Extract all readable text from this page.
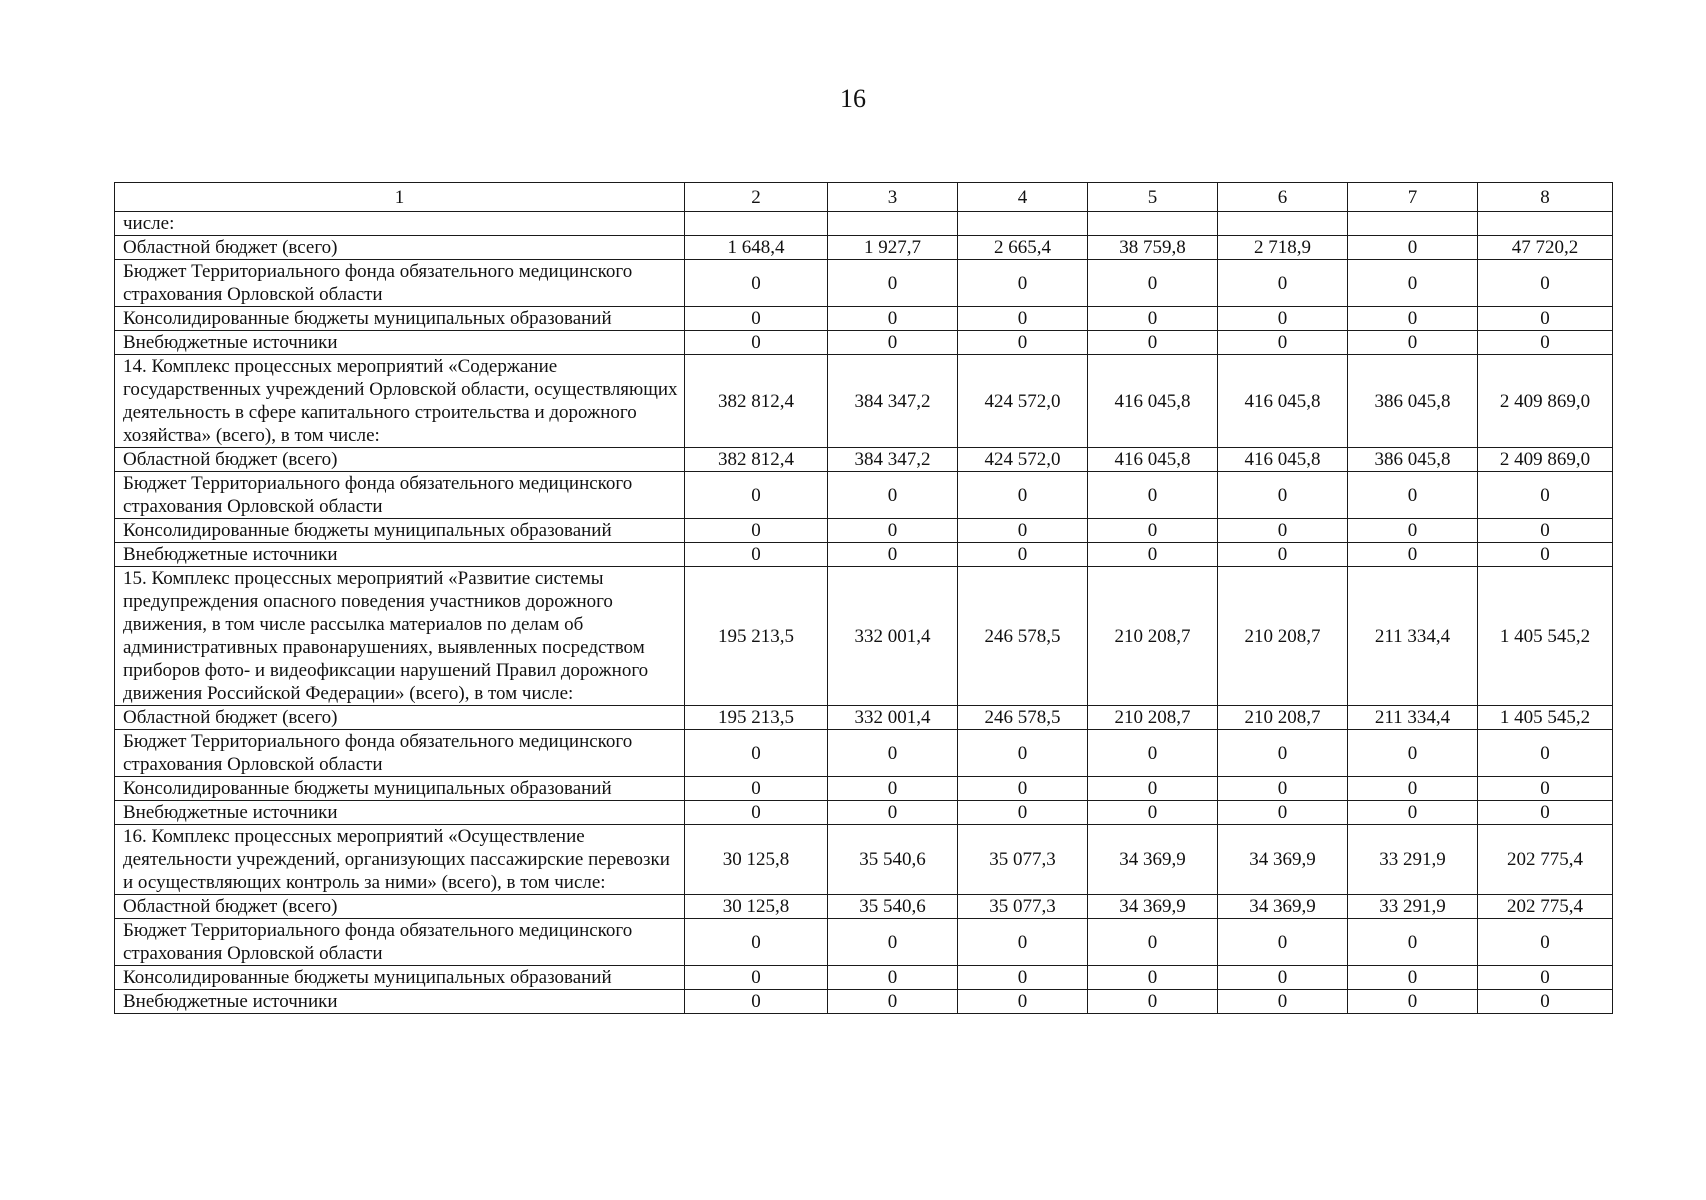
16
1	2	3	4	5	6	7	8
числе:							
Областной бюджет (всего)	1 648,4	1 927,7	2 665,4	38 759,8	2 718,9	0	47 720,2
Бюджет Территориального фонда обязательного медицинского страхования Орловской области	0	0	0	0	0	0	0
Консолидированные бюджеты муниципальных образований	0	0	0	0	0	0	0
Внебюджетные источники	0	0	0	0	0	0	0
14. Комплекс процессных мероприятий «Содержание государственных учреждений Орловской области, осуществляющих деятельность в сфере капитального строительства и дорожного хозяйства» (всего), в том числе:	382 812,4	384 347,2	424 572,0	416 045,8	416 045,8	386 045,8	2 409 869,0
Областной бюджет (всего)	382 812,4	384 347,2	424 572,0	416 045,8	416 045,8	386 045,8	2 409 869,0
Бюджет Территориального фонда обязательного медицинского страхования Орловской области	0	0	0	0	0	0	0
Консолидированные бюджеты муниципальных образований	0	0	0	0	0	0	0
Внебюджетные источники	0	0	0	0	0	0	0
15. Комплекс процессных мероприятий «Развитие системы предупреждения опасного поведения участников дорожного движения, в том числе рассылка материалов по делам об административных правонарушениях, выявленных посредством приборов фото- и видеофиксации нарушений Правил дорожного движения Российской Федерации» (всего), в том числе:	195 213,5	332 001,4	246 578,5	210 208,7	210 208,7	211 334,4	1 405 545,2
Областной бюджет (всего)	195 213,5	332 001,4	246 578,5	210 208,7	210 208,7	211 334,4	1 405 545,2
Бюджет Территориального фонда обязательного медицинского страхования Орловской области	0	0	0	0	0	0	0
Консолидированные бюджеты муниципальных образований	0	0	0	0	0	0	0
Внебюджетные источники	0	0	0	0	0	0	0
16. Комплекс процессных мероприятий «Осуществление деятельности учреждений, организующих пассажирские перевозки и осуществляющих контроль за ними» (всего), в том числе:	30 125,8	35 540,6	35 077,3	34 369,9	34 369,9	33 291,9	202 775,4
Областной бюджет (всего)	30 125,8	35 540,6	35 077,3	34 369,9	34 369,9	33 291,9	202 775,4
Бюджет Территориального фонда обязательного медицинского страхования Орловской области	0	0	0	0	0	0	0
Консолидированные бюджеты муниципальных образований	0	0	0	0	0	0	0
Внебюджетные источники	0	0	0	0	0	0	0
